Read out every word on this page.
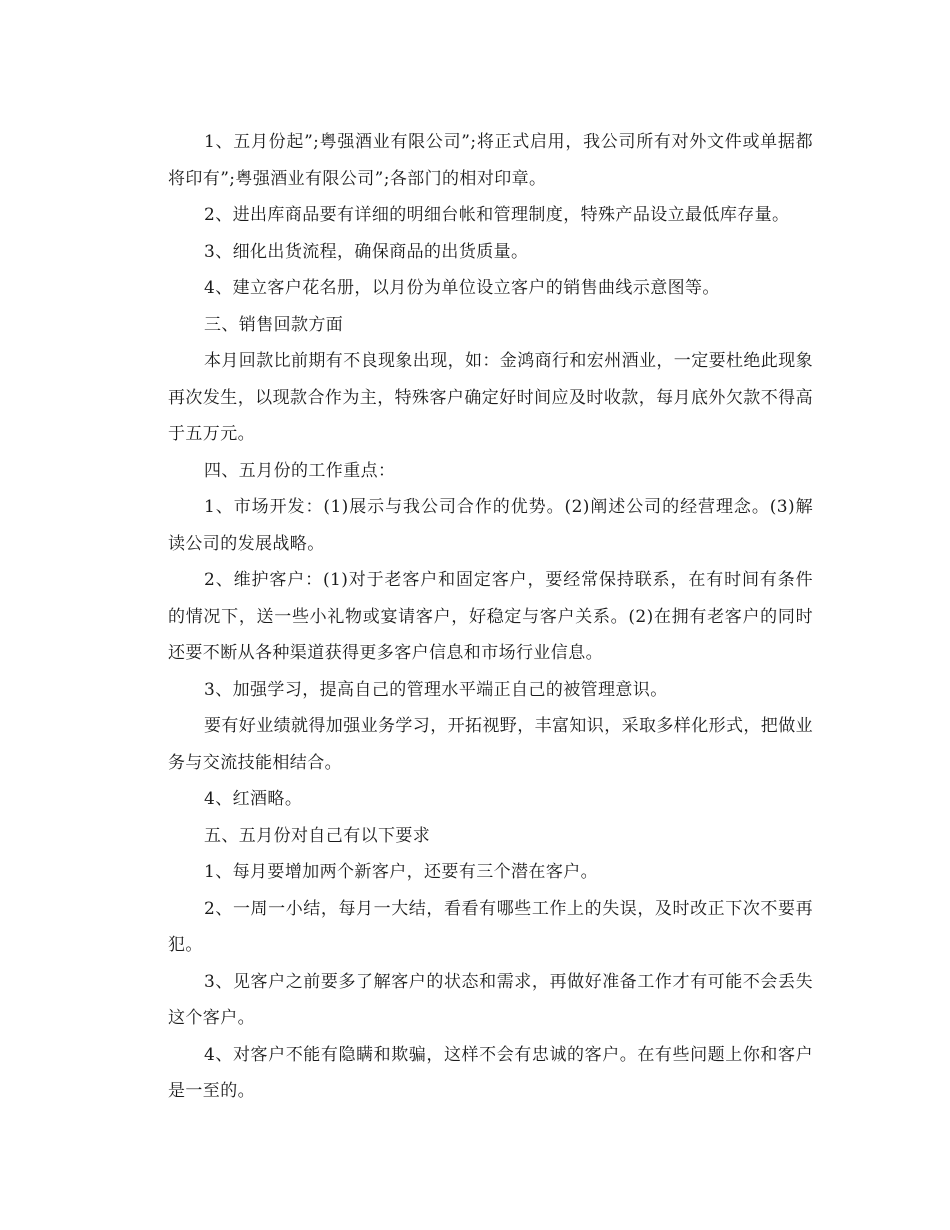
1、五月份起”;粤强酒业有限公司”;将正式启用，我公司所有对外文件或单据都将印有”;粤强酒业有限公司”;各部门的相对印章。

2、进出库商品要有详细的明细台帐和管理制度，特殊产品设立最低库存量。

3、细化出货流程，确保商品的出货质量。

4、建立客户花名册，以月份为单位设立客户的销售曲线示意图等。

三、销售回款方面

本月回款比前期有不良现象出现，如：金鸿商行和宏州酒业，一定要杜绝此现象再次发生，以现款合作为主，特殊客户确定好时间应及时收款，每月底外欠款不得高于五万元。

四、五月份的工作重点：

1、市场开发：(1)展示与我公司合作的优势。(2)阐述公司的经营理念。(3)解读公司的发展战略。

2、维护客户：(1)对于老客户和固定客户，要经常保持联系，在有时间有条件的情况下，送一些小礼物或宴请客户，好稳定与客户关系。(2)在拥有老客户的同时还要不断从各种渠道获得更多客户信息和市场行业信息。

3、加强学习，提高自己的管理水平端正自己的被管理意识。

要有好业绩就得加强业务学习，开拓视野，丰富知识，采取多样化形式，把做业务与交流技能相结合。

4、红酒略。

五、五月份对自己有以下要求

1、每月要增加两个新客户，还要有三个潜在客户。

2、一周一小结，每月一大结，看看有哪些工作上的失误，及时改正下次不要再犯。

3、见客户之前要多了解客户的状态和需求，再做好准备工作才有可能不会丢失这个客户。

4、对客户不能有隐瞒和欺骗，这样不会有忠诚的客户。在有些问题上你和客户是一至的。
